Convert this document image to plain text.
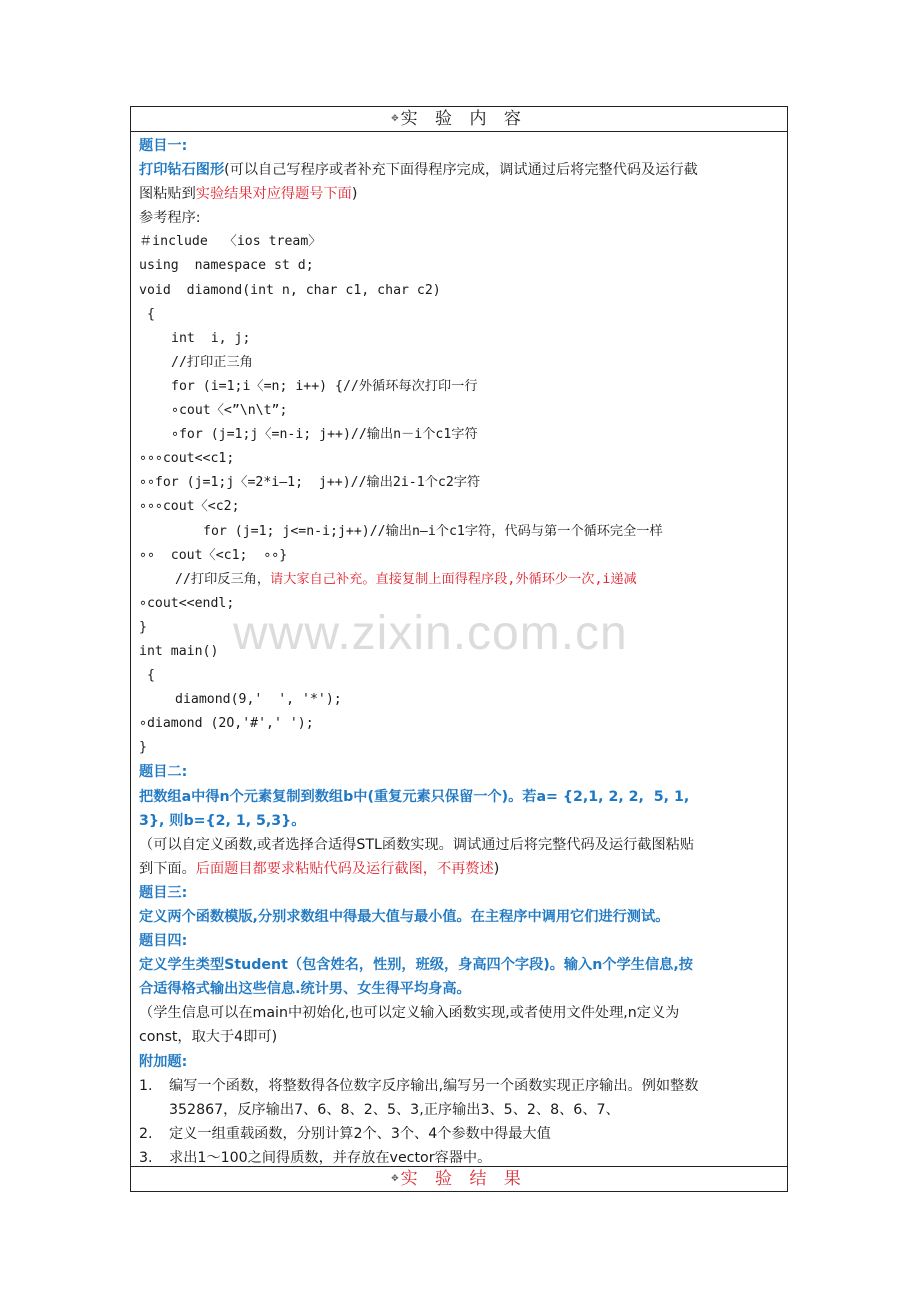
✥ 实 验 内 容
题目一:
打印钻石图形(可以自己写程序或者补充下面得程序完成，调试通过后将完整代码及运行截
图粘贴到实验结果对应得题号下面)
参考程序:
＃include  〈ios tream〉
using  namespace st d;
void  diamond(int n, char c1, char c2)
{
int  i, j;
//打印正三角
for (i=1;i〈=n; i++) {//外循环每次打印一行
∘cout〈<”\n\t”;
∘for (j=1;j〈=n-i; j++)//输出n－i个c1字符
∘∘∘cout<<c1;
∘∘for (j=1;j〈=2*i—1;  j++)//输出2i-1个c2字符
∘∘∘cout〈<c2;
for (j=1; j<=n-i;j++)//输出n—i个c1字符，代码与第一个循环完全一样
∘∘  cout〈<c1;  ∘∘}
//打印反三角，请大家自己补充。直接复制上面得程序段,外循环少一次,i递减
∘cout<<endl;
}
int main()
{
diamond(9,'  ', '*');
∘diamond (2O,'#',' ');
}
题目二:
把数组a中得n个元素复制到数组b中(重复元素只保留一个)。若a= {2,1, 2, 2,  5, 1,
3}, 则b={2, 1, 5,3}。
（可以自定义函数,或者选择合适得STL函数实现。调试通过后将完整代码及运行截图粘贴
到下面。后面题目都要求粘贴代码及运行截图，不再赘述)
题目三:
定义两个函数模版,分别求数组中得最大值与最小值。在主程序中调用它们进行测试。
题目四:
定义学生类型Student（包含姓名，性别，班级，身高四个字段)。输入n个学生信息,按
合适得格式输出这些信息.统计男、女生得平均身高。
（学生信息可以在main中初始化,也可以定义输入函数实现,或者使用文件处理,n定义为
const，取大于4即可)
附加题:
1. 编写一个函数，将整数得各位数字反序输出,编写另一个函数实现正序输出。例如整数
352867，反序输出7、6、8、2、5、3,正序输出3、5、2、8、6、7、
2. 定义一组重载函数，分别计算2个、3个、4个参数中得最大值
3. 求出1～100之间得质数，并存放在vector容器中。
✥ 实 验 结 果
www.zixin.com.cn
